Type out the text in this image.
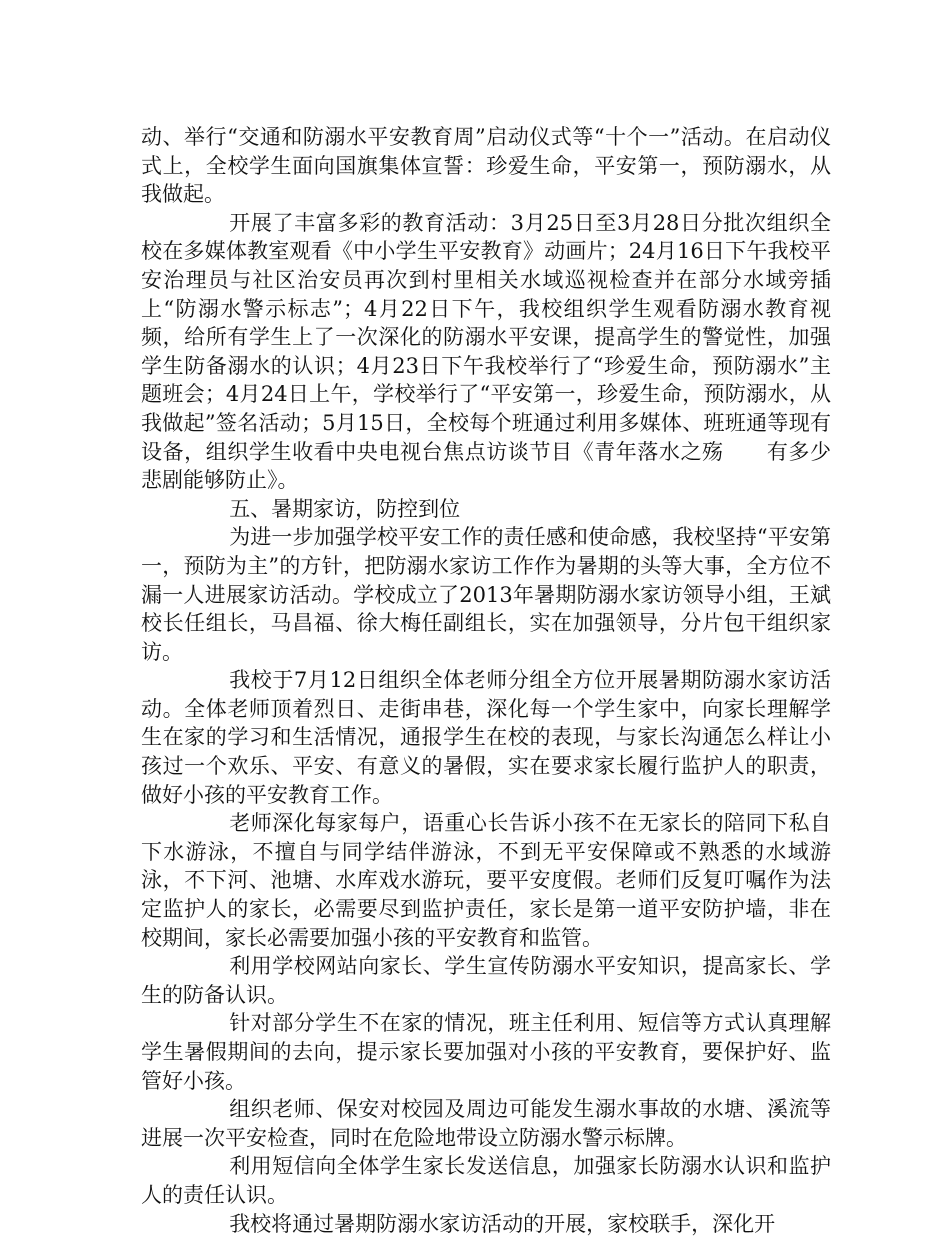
动、举行“交通和防溺水平安教育周”启动仪式等“十个一”活动。在启动仪式上，全校学生面向国旗集体宣誓：珍爱生命，平安第一，预防溺水，从我做起。

开展了丰富多彩的教育活动：3月25日至3月28日分批次组织全校在多媒体教室观看《中小学生平安教育》动画片；24月16日下午我校平安治理员与社区治安员再次到村里相关水域巡视检查并在部分水域旁插上“防溺水警示标志”；4月22日下午，我校组织学生观看防溺水教育视频，给所有学生上了一次深化的防溺水平安课，提高学生的警觉性，加强学生防备溺水的认识；4月23日下午我校举行了“珍爱生命，预防溺水”主题班会；4月24日上午，学校举行了“平安第一，珍爱生命，预防溺水，从我做起”签名活动；5月15日，全校每个班通过利用多媒体、班班通等现有设备，组织学生收看中央电视台焦点访谈节目《青年落水之殇　　有多少悲剧能够防止》。

五、暑期家访，防控到位

为进一步加强学校平安工作的责任感和使命感，我校坚持“平安第一，预防为主”的方针，把防溺水家访工作作为暑期的头等大事，全方位不漏一人进展家访活动。学校成立了2013年暑期防溺水家访领导小组，王斌校长任组长，马昌福、徐大梅任副组长，实在加强领导，分片包干组织家访。

我校于7月12日组织全体老师分组全方位开展暑期防溺水家访活动。全体老师顶着烈日、走街串巷，深化每一个学生家中，向家长理解学生在家的学习和生活情况，通报学生在校的表现，与家长沟通怎么样让小孩过一个欢乐、平安、有意义的暑假，实在要求家长履行监护人的职责，做好小孩的平安教育工作。

老师深化每家每户，语重心长告诉小孩不在无家长的陪同下私自下水游泳，不擅自与同学结伴游泳，不到无平安保障或不熟悉的水域游泳，不下河、池塘、水库戏水游玩，要平安度假。老师们反复叮嘱作为法定监护人的家长，必需要尽到监护责任，家长是第一道平安防护墙，非在校期间，家长必需要加强小孩的平安教育和监管。

利用学校网站向家长、学生宣传防溺水平安知识，提高家长、学生的防备认识。

针对部分学生不在家的情况，班主任利用、短信等方式认真理解学生暑假期间的去向，提示家长要加强对小孩的平安教育，要保护好、监管好小孩。

组织老师、保安对校园及周边可能发生溺水事故的水塘、溪流等进展一次平安检查，同时在危险地带设立防溺水警示标牌。

利用短信向全体学生家长发送信息，加强家长防溺水认识和监护人的责任认识。

我校将通过暑期防溺水家访活动的开展，家校联手，深化开
